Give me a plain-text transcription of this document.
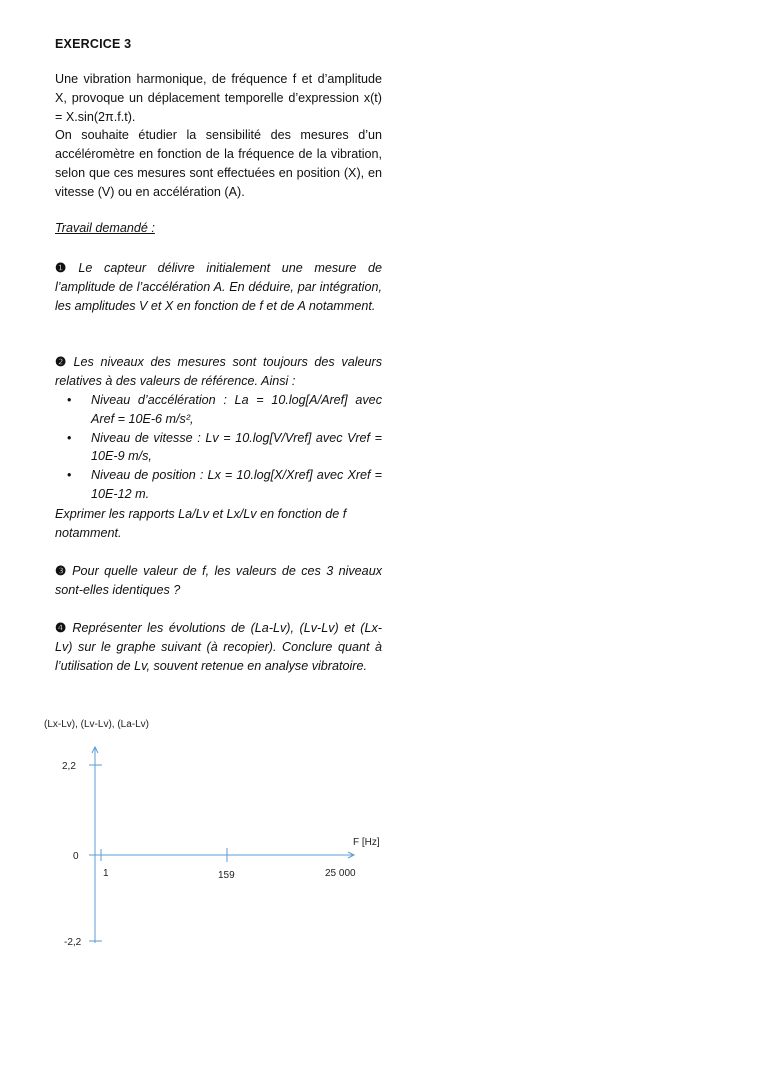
EXERCICE 3
Une vibration harmonique, de fréquence f et d’amplitude X, provoque un déplacement temporelle d’expression x(t) = X.sin(2π.f.t).
On souhaite étudier la sensibilité des mesures d’un accéléromètre en fonction de la fréquence de la vibration, selon que ces mesures sont effectuées en position (X), en vitesse (V) ou en accélération (A).
Travail demandé :
❶ Le capteur délivre initialement une mesure de l’amplitude de l’accélération A. En déduire, par intégration, les amplitudes V et X en fonction de f et de A notamment.
❷ Les niveaux des mesures sont toujours des valeurs relatives à des valeurs de référence. Ainsi :
• Niveau d’accélération : La = 10.log[A/Aref] avec Aref = 10E-6 m/s²,
• Niveau de vitesse : Lv = 10.log[V/Vref] avec Vref = 10E-9 m/s,
• Niveau de position : Lx = 10.log[X/Xref] avec Xref = 10E-12 m.
Exprimer les rapports La/Lv et Lx/Lv en fonction de f notamment.
❸ Pour quelle valeur de f, les valeurs de ces 3 niveaux sont-elles identiques ?
❹ Représenter les évolutions de (La-Lv), (Lv-Lv) et (Lx-Lv) sur le graphe suivant (à recopier). Conclure quant à l’utilisation de Lv, souvent retenue en analyse vibratoire.
(Lx-Lv), (Lv-Lv), (La-Lv)
2,2
0
-2,2
1	159	25 000
F [Hz]
